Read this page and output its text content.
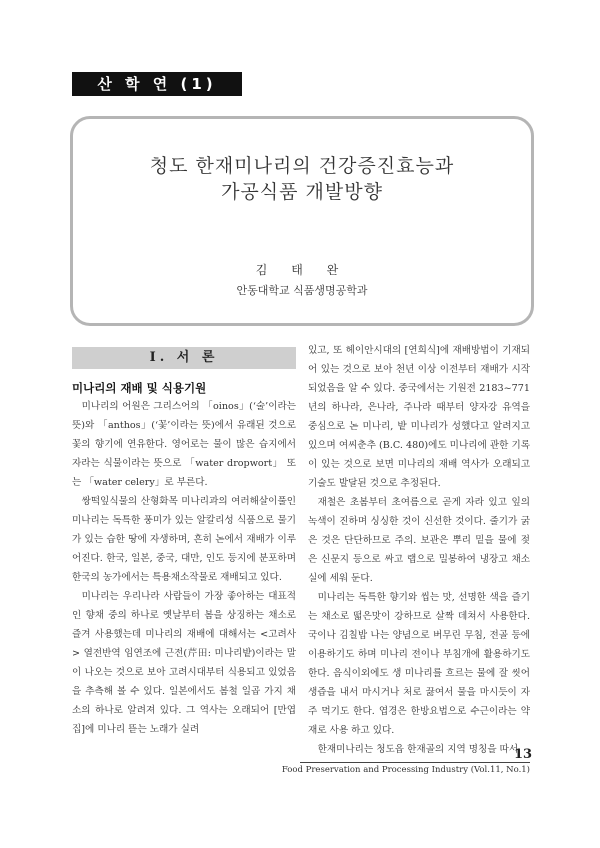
산 학 연 (1)
청도 한재미나리의 건강증진효능과
가공식품 개발방향
김 태 완
안동대학교 식품생명공학과
Ⅰ. 서 론
미나리의 재배 및 식용기원

미나리의 어원은 그리스어의 「oinos」(‘술’이라는 뜻)와 「anthos」(‘꽃’이라는 뜻)에서 유래된 것으로 꽃의 향기에 연유한다. 영어로는 물이 많은 습지에서 자라는 식물이라는 뜻으로 「water dropwort」 또는 「water celery」로 부른다.

쌍떡잎식물의 산형화목 미나리과의 여러해살이풀인 미나리는 독특한 풍미가 있는 알칼리성 식품으로 물기가 있는 습한 땅에 자생하며, 흔히 논에서 재배가 이루어진다. 한국, 일본, 중국, 대만, 인도 등지에 분포하며 한국의 농가에서는 특용채소작물로 재배되고 있다.

미나리는 우리나라 사람들이 가장 좋아하는 대표적인 향채 중의 하나로 옛날부터 봄을 상징하는 채소로 즐겨 사용했는데 미나리의 재배에 대해서는 <고려사> 열전반역 임연조에 근전(芹田: 미나리밭)이라는 말이 나오는 것으로 보아 고려시대부터 식용되고 있었음을 추측해 볼 수 있다. 일본에서도 봄철 일곱 가지 채소의 하나로 알려져 있다. 그 역사는 오래되어 [만엽집]에 미나리 뜯는 노래가 실려

있고, 또 헤이안시대의 [연희식]에 재배방법이 기재되어 있는 것으로 보아 천년 이상 이전부터 재배가 시작되었음을 알 수 있다. 중국에서는 기원전 2183~771년의 하나라, 은나라, 주나라 때부터 양자강 유역을 중심으로 논 미나리, 밭 미나리가 성했다고 알려지고 있으며 여씨춘추 (B.C. 480)에도 미나리에 관한 기록이 있는 것으로 보면 미나리의 재배 역사가 오래되고 기술도 발달된 것으로 추정된다.

재철은 초봄부터 초여름으로 곧게 자라 있고 잎의 녹색이 진하며 싱싱한 것이 신선한 것이다. 줄기가 굵은 것은 단단하므로 주의. 보관은 뿌리 밑을 물에 젖은 신문지 등으로 싸고 랩으로 밀봉하여 냉장고 채소실에 세워 둔다.

미나리는 독특한 향기와 씹는 맛, 선명한 색을 즐기는 채소로 떫은맛이 강하므로 살짝 데쳐서 사용한다. 국이나 김칠밥 나는 양념으로 버무린 무침, 전골 등에 이용하기도 하며 미나리 전이나 부침개에 활용하기도 한다. 음식이외에도 생 미나리를 흐르는 물에 잘 씻어 생즙을 내서 마시거나 처로 끓여서 물을 마시듯이 자주 먹기도 한다. 엽경은 한방요법으로 수근이라는 약재로 사용 하고 있다.

한재미나리는 청도읍 한재골의 지역 명칭을 따서

13
Food Preservation and Processing Industry (Vol.11, No.1)
